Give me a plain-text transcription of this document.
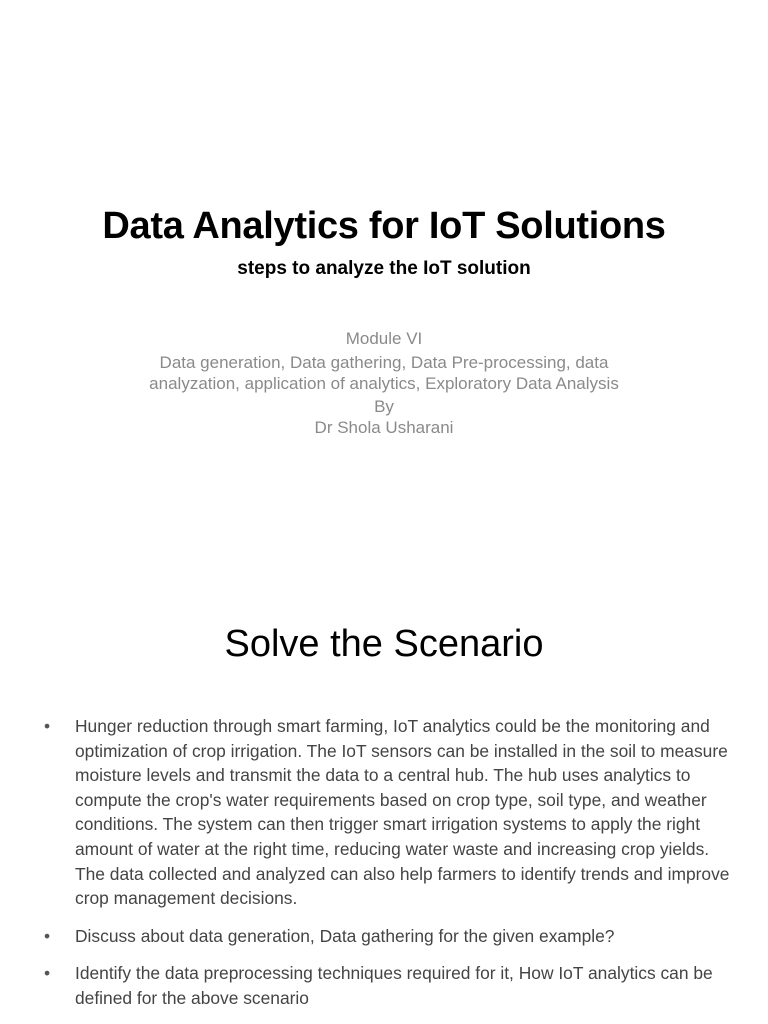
Data Analytics for IoT Solutions
steps to analyze the IoT solution
Module VI
Data generation, Data gathering, Data Pre-processing, data analyzation, application of analytics, Exploratory Data Analysis
By
Dr Shola Usharani
Solve the Scenario
• Hunger reduction through smart farming, IoT analytics could be the monitoring and optimization of crop irrigation. The IoT sensors can be installed in the soil to measure moisture levels and transmit the data to a central hub. The hub uses analytics to compute the crop's water requirements based on crop type, soil type, and weather conditions. The system can then trigger smart irrigation systems to apply the right amount of water at the right time, reducing water waste and increasing crop yields. The data collected and analyzed can also help farmers to identify trends and improve crop management decisions.
• Discuss about data generation, Data gathering for the given example?
• Identify the data preprocessing techniques required for it, How IoT analytics can be defined for the above scenario
